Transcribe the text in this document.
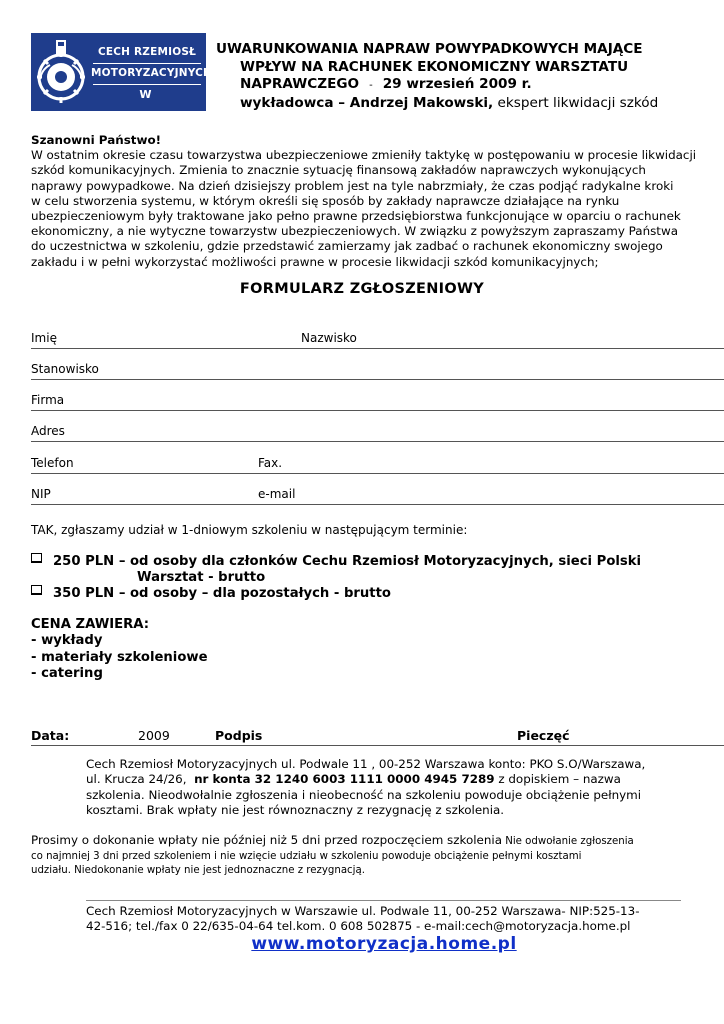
CECH RZEMIOSŁ
MOTORYZACYJNYCH
W WARSZAWIE
UWARUNKOWANIA NAPRAW POWYPADKOWYCH MAJĄCE
WPŁYW NA RACHUNEK EKONOMICZNY WARSZTATU
NAPRAWCZEGO - 29 wrzesień 2009 r.
wykładowca – Andrzej Makowski, ekspert likwidacji szkód
Szanowni Państwo!
W ostatnim okresie czasu towarzystwa ubezpieczeniowe zmieniły taktykę w postępowaniu w procesie likwidacji
szkód komunikacyjnych. Zmienia to znacznie sytuację finansową zakładów naprawczych wykonujących
naprawy powypadkowe. Na dzień dzisiejszy problem jest na tyle nabrzmiały, że czas podjąć radykalne kroki
w celu stworzenia systemu, w którym określi się sposób by zakłady naprawcze działające na rynku
ubezpieczeniowym były traktowane jako pełno prawne przedsiębiorstwa funkcjonujące w oparciu o rachunek
ekonomiczny, a nie wytyczne towarzystw ubezpieczeniowych. W związku z powyższym zapraszamy Państwa
do uczestnictwa w szkoleniu, gdzie przedstawić zamierzamy jak zadbać o rachunek ekonomiczny swojego
zakładu i w pełni wykorzystać możliwości prawne w procesie likwidacji szkód komunikacyjnych;
FORMULARZ ZGŁOSZENIOWY
Imię	Nazwisko
Stanowisko
Firma
Adres
Telefon	Fax.
NIP	e-mail
TAK, zgłaszamy udział w 1-dniowym szkoleniu w następującym terminie:
250 PLN – od osoby dla członków Cechu Rzemiosł Motoryzacyjnych, sieci Polski
Warsztat - brutto
350 PLN – od osoby – dla pozostałych - brutto
CENA ZAWIERA:
- wykłady
- materiały szkoleniowe
- catering
Data:	2009	Podpis	Pieczęć
Cech Rzemiosł Motoryzacyjnych ul. Podwale 11 , 00-252 Warszawa konto: PKO S.O/Warszawa,
ul. Krucza 24/26, nr konta 32 1240 6003 1111 0000 4945 7289 z dopiskiem – nazwa
szkolenia. Nieodwołalnie zgłoszenia i nieobecność na szkoleniu powoduje obciążenie pełnymi
kosztami. Brak wpłaty nie jest równoznaczny z rezygnację z szkolenia.
Prosimy o dokonanie wpłaty nie później niż 5 dni przed rozpoczęciem szkolenia Nie odwołanie zgłoszenia
co najmniej 3 dni przed szkoleniem i nie wzięcie udziału w szkoleniu powoduje obciążenie pełnymi kosztami
udziału. Niedokonanie wpłaty nie jest jednoznaczne z rezygnacją.
Cech Rzemiosł Motoryzacyjnych w Warszawie ul. Podwale 11, 00-252 Warszawa- NIP:525-13-
42-516; tel./fax 0 22/635-04-64 tel.kom. 0 608 502875 - e-mail:cech@motoryzacja.home.pl
www.motoryzacja.home.pl
